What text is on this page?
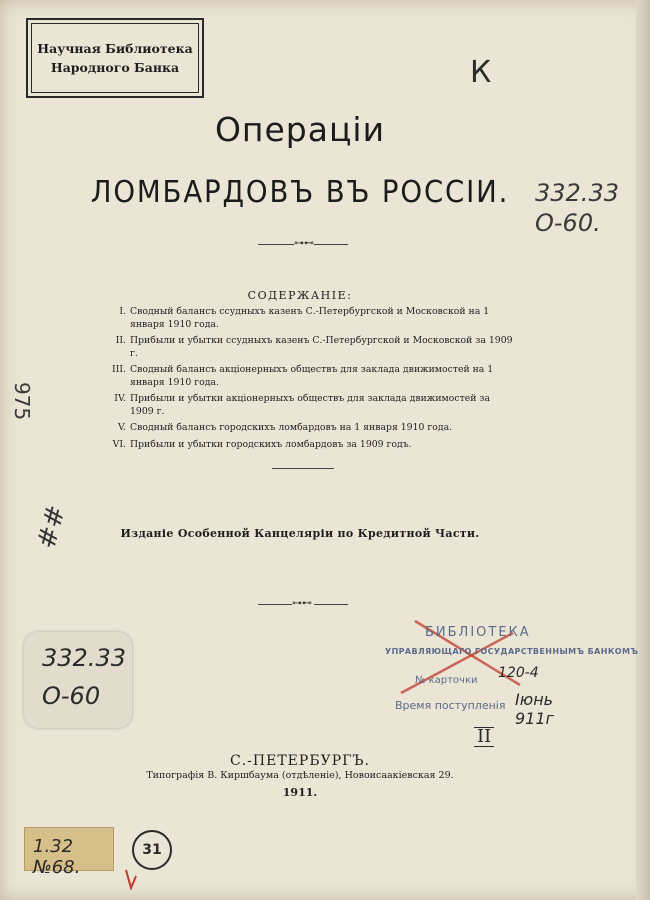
Научная Библиотека
Народного Банка	К
332.33
O-60.
Операціи
ЛОМБАРДОВЪ ВЪ РОССІИ.
⊶⊷
СОДЕРЖАНІЕ:
I. Сводный балансъ ссудныхъ казенъ С.-Петербургской и Московской на 1 января 1910 года.
II. Прибыли и убытки ссудныхъ казенъ С.-Петербургской и Московской за 1909 г.
III. Сводный балансъ акціонерныхъ обществъ для заклада движимостей на 1 января 1910 года.
IV. Прибыли и убытки акціонерныхъ обществъ для заклада движимостей за 1909 г.
V. Сводный балансъ городскихъ ломбардовъ на 1 января 1910 года.
VI. Прибыли и убытки городскихъ ломбардовъ за 1909 годъ.
975
##	Изданіе Особенной Канцеляріи по Кредитной Части.
⊶⊷
332.33
O-60
БИБЛІОТЕКА
УПРАВЛЯЮЩАГО ГОСУДАРСТВЕННЫМЪ БАНКОМЪ
№ карточки 120-4
Время поступленія Іюнь 911г
II
С.-ПЕТЕРБУРГЪ.
Типографія В. Киршбаума (отдѣленіе), Новоисаакіевская 29.
1911.
1.32 №68.
31
